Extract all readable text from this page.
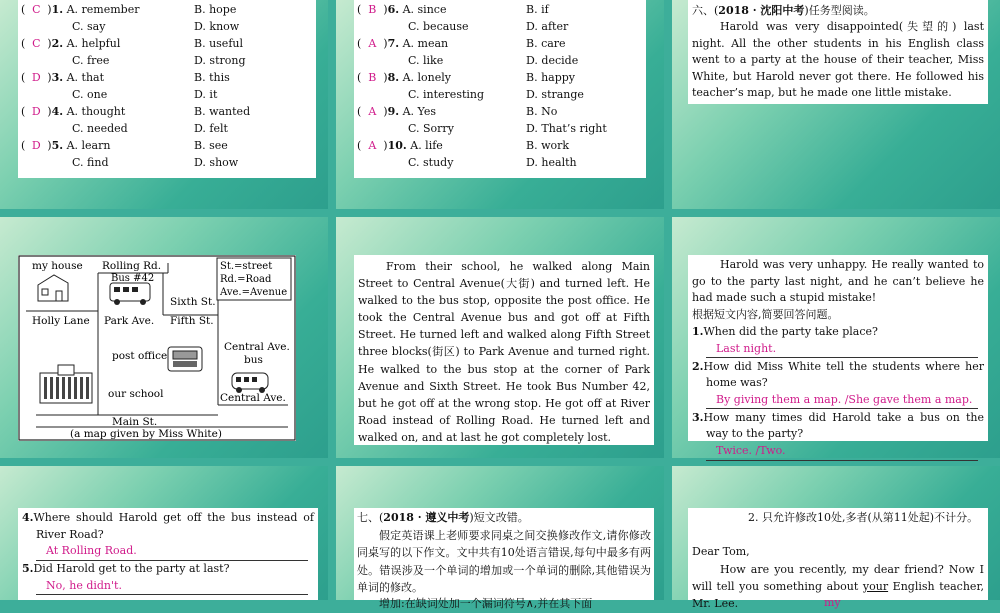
( C )1. A. remember	B. hope
C. say	D. know
( C )2. A. helpful	B. useful
C. free	D. strong
( D )3. A. that	B. this
C. one	D. it
( D )4. A. thought	B. wanted
C. needed	D. felt
( D )5. A. learn	B. see
C. find	D. show
( B )6. A. since	B. if
C. because	D. after
( A )7. A. mean	B. care
C. like	D. decide
( B )8. A. lonely	B. happy
C. interesting	D. strange
( A )9. A. Yes	B. No
C. Sorry	D. That’s right
( A )10. A. life	B. work
C. study	D. health
六、(2018 · 沈阳中考)任务型阅读。
Harold was very disappointed(失望的) last night. All the other students in his English class went to a party at the house of their teacher, Miss White, but Harold never got there. He followed his teacher’s map, but he made one little mistake.
my house Rolling Rd.	St.=street
Rd.=Road
Ave.=Avenue
Bus #42
Sixth St.
Fifth St.
Holly Lane Park Ave.
Central Ave.
bus
post office
our school	Central Ave.
Main St.
(a map given by Miss White)
From their school, he walked along Main Street to Central Avenue(大街) and turned left. He walked to the bus stop, opposite the post office. He took the Central Avenue bus and got off at Fifth Street. He turned left and walked along Fifth Street three blocks(街区) to Park Avenue and turned right. He walked to the bus stop at the corner of Park Avenue and Sixth Street. He took Bus Number 42, but he got off at the wrong stop. He got off at River Road instead of Rolling Road. He turned left and walked on, and at last he got completely lost.
Harold was very unhappy. He really wanted to go to the party last night, and he can’t believe he had made such a stupid mistake!
根据短文内容,简要回答问题。
1.When did the party take place?
Last night.
2.How did Miss White tell the students where her home was?
By giving them a map. /She gave them a map.
3.How many times did Harold take a bus on the way to the party?
Twice. /Two.
4.Where should Harold get off the bus instead of River Road?
At Rolling Road.
5.Did Harold get to the party at last?
No, he didn't.
七、(2018 · 遵义中考)短文改错。
假定英语课上老师要求同桌之间交换修改作文,请你修改同桌写的以下作文。文中共有10处语言错误,每句中最多有两处。错误涉及一个单词的增加或一个单词的删除,其他错误为单词的修改。
增加:在缺词处加一个漏词符号∧,并在其下面
2. 只允许修改10处,多者(从第11处起)不计分。
Dear Tom,
How are you recently, my dear friend? Now I will tell you something about your English teacher, Mr. Lee.	my
